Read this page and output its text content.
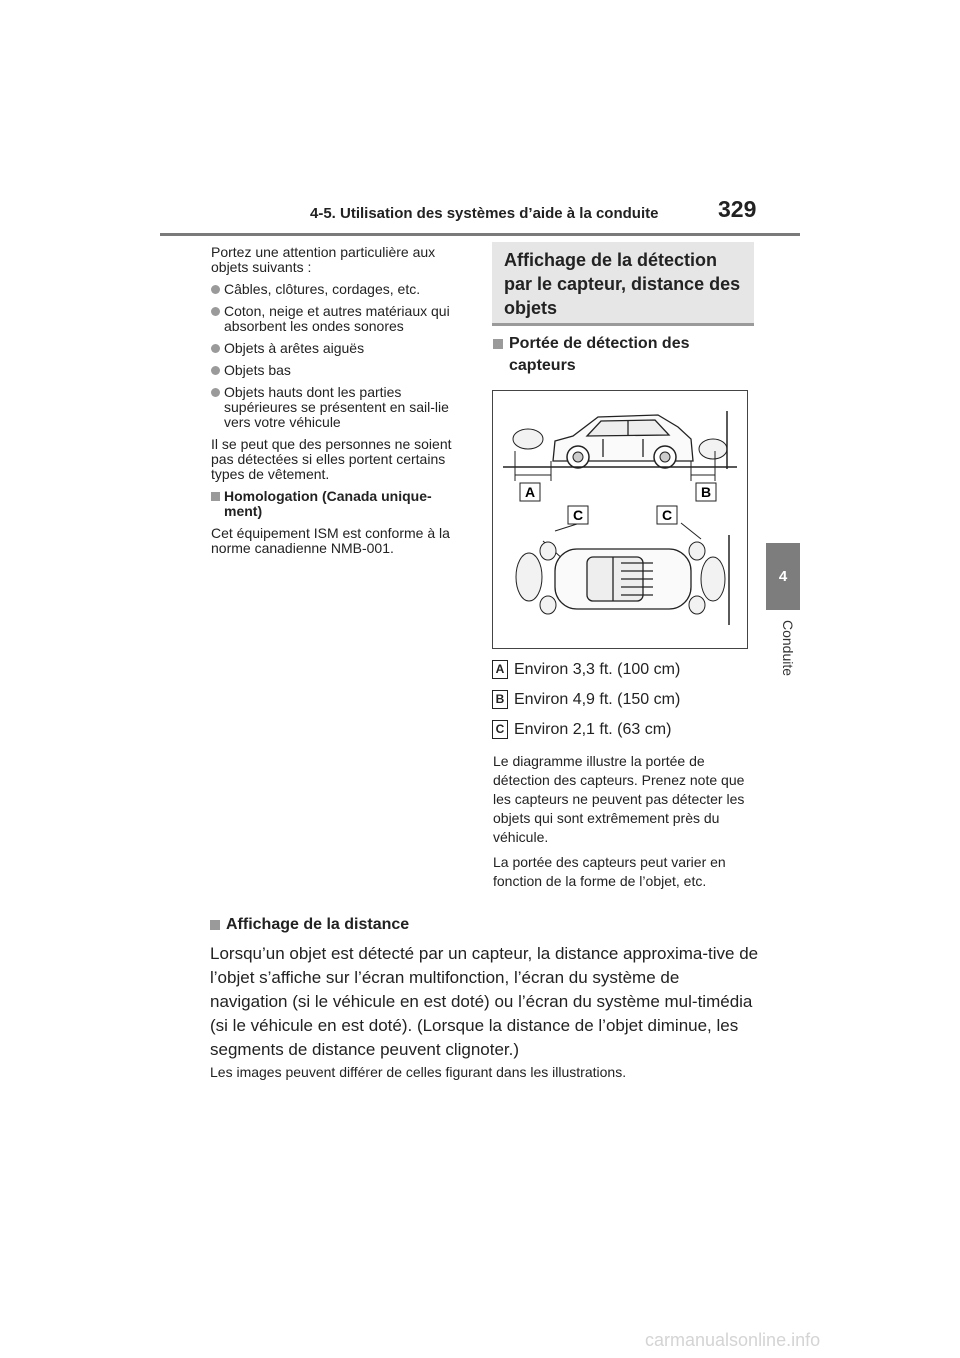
4-5. Utilisation des systèmes d’aide à la conduite	329
4
Conduite

Portez une attention particulière aux objets suivants :

Câbles, clôtures, cordages, etc.
Coton, neige et autres matériaux qui absorbent les ondes sonores
Objets à arêtes aiguës
Objets bas
Objets hauts dont les parties supérieures se présentent en sail-lie vers votre véhicule

Il se peut que des personnes ne soient pas détectées si elles portent certains types de vêtement.

Homologation (Canada unique-ment)

Cet équipement ISM est conforme à la norme canadienne NMB-001.

Affichage de la détection par le capteur, distance des objets
Portée de détection des capteurs
A	B
C	C
A Environ 3,3 ft. (100 cm)
B Environ 4,9 ft. (150 cm)
C Environ 2,1 ft. (63 cm)

Le diagramme illustre la portée de détection des capteurs. Prenez note que les capteurs ne peuvent pas détecter les objets qui sont extrêmement près du véhicule.

La portée des capteurs peut varier en fonction de la forme de l’objet, etc.

Affichage de la distance

Lorsqu’un objet est détecté par un capteur, la distance approxima-tive de l’objet s’affiche sur l’écran multifonction, l’écran du système de navigation (si le véhicule en est doté) ou l’écran du système mul-timédia (si le véhicule en est doté). (Lorsque la distance de l’objet diminue, les segments de distance peuvent clignoter.)

Les images peuvent différer de celles figurant dans les illustrations.

carmanualsonline.info
